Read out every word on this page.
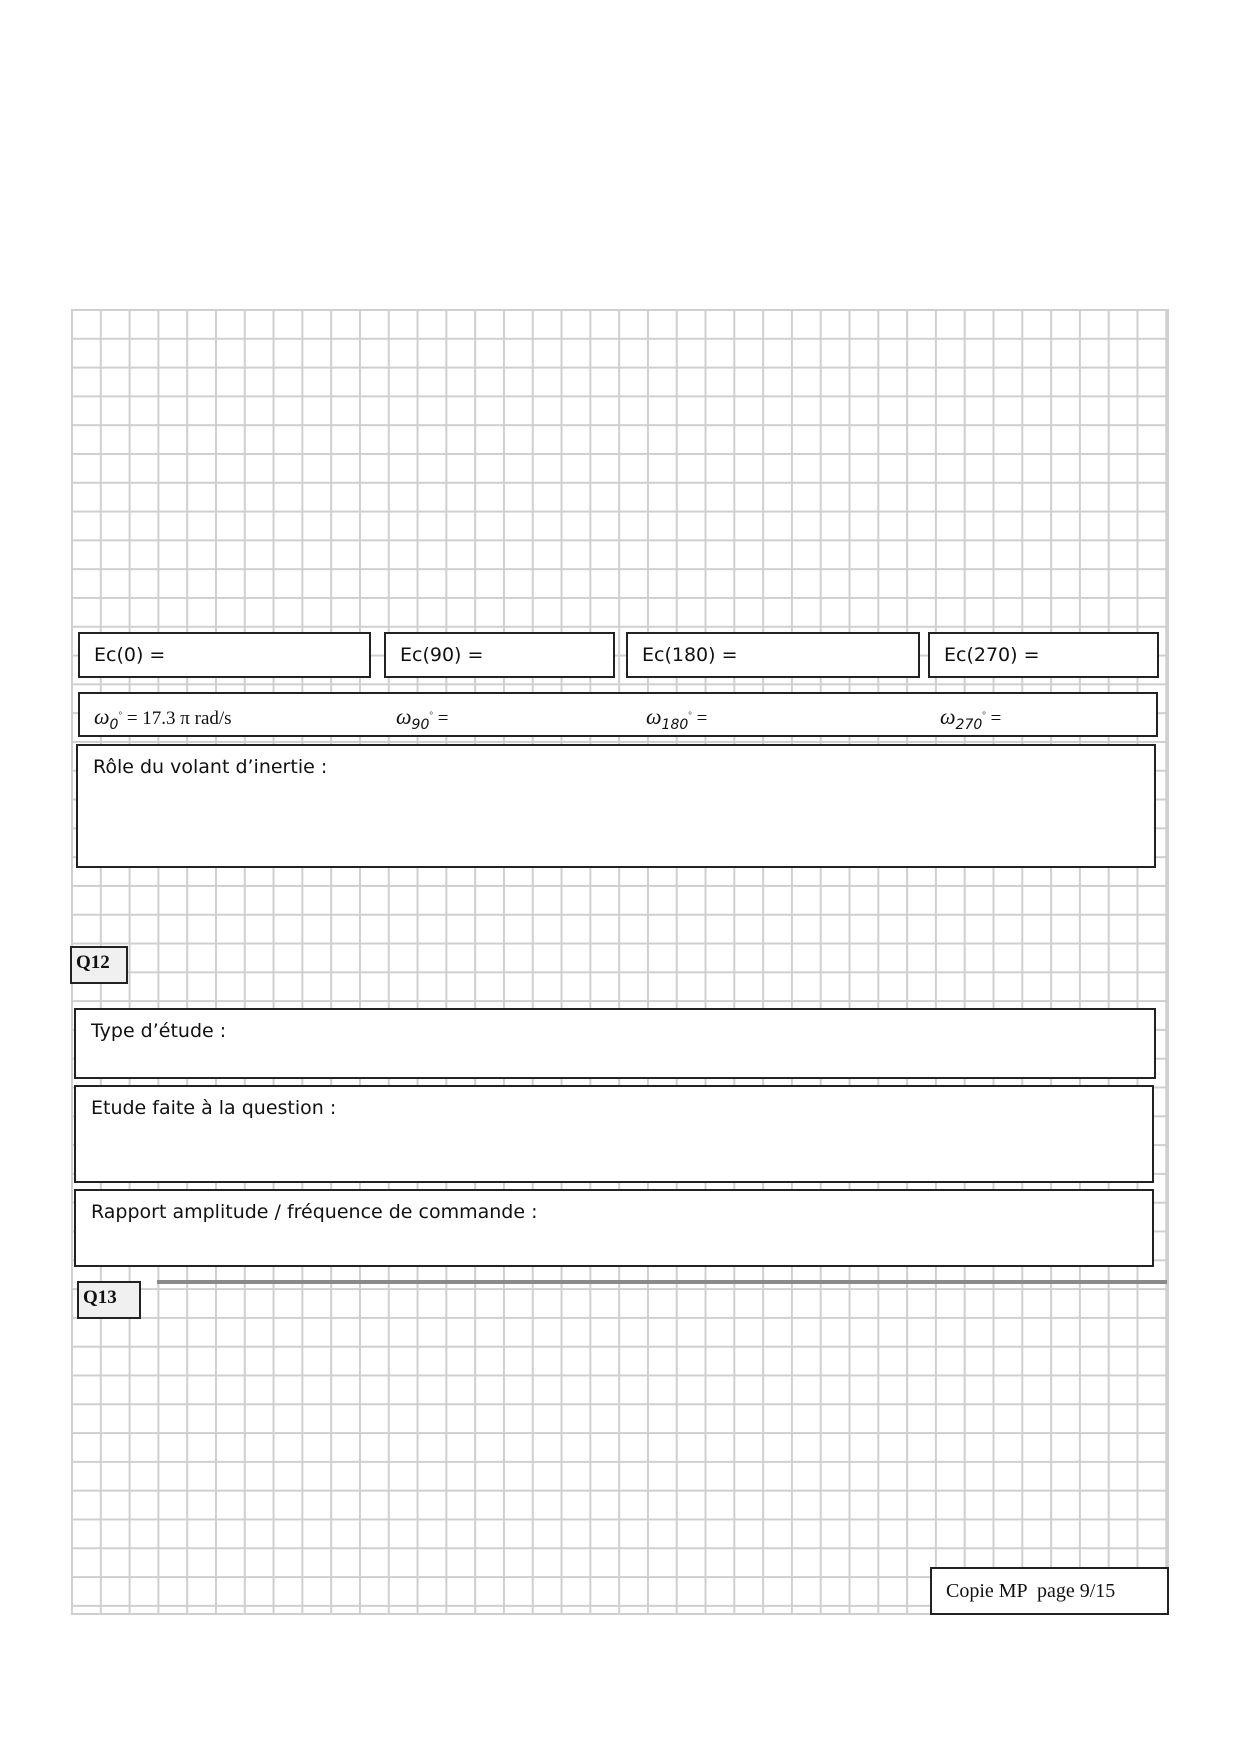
Ec(0) =	Ec(90) =	Ec(180) =	Ec(270) =
$\omega_0^\circ = 17.3$ π rad/s	$\omega_{90}^\circ$ =	$\omega_{180}^\circ$ =	$\omega_{270}^\circ$ =
Rôle du volant d’inertie :
Q12
Type d’étude :
Etude faite à la question :
Rapport amplitude / fréquence de commande :
Q13
Copie MP  page 9/15
